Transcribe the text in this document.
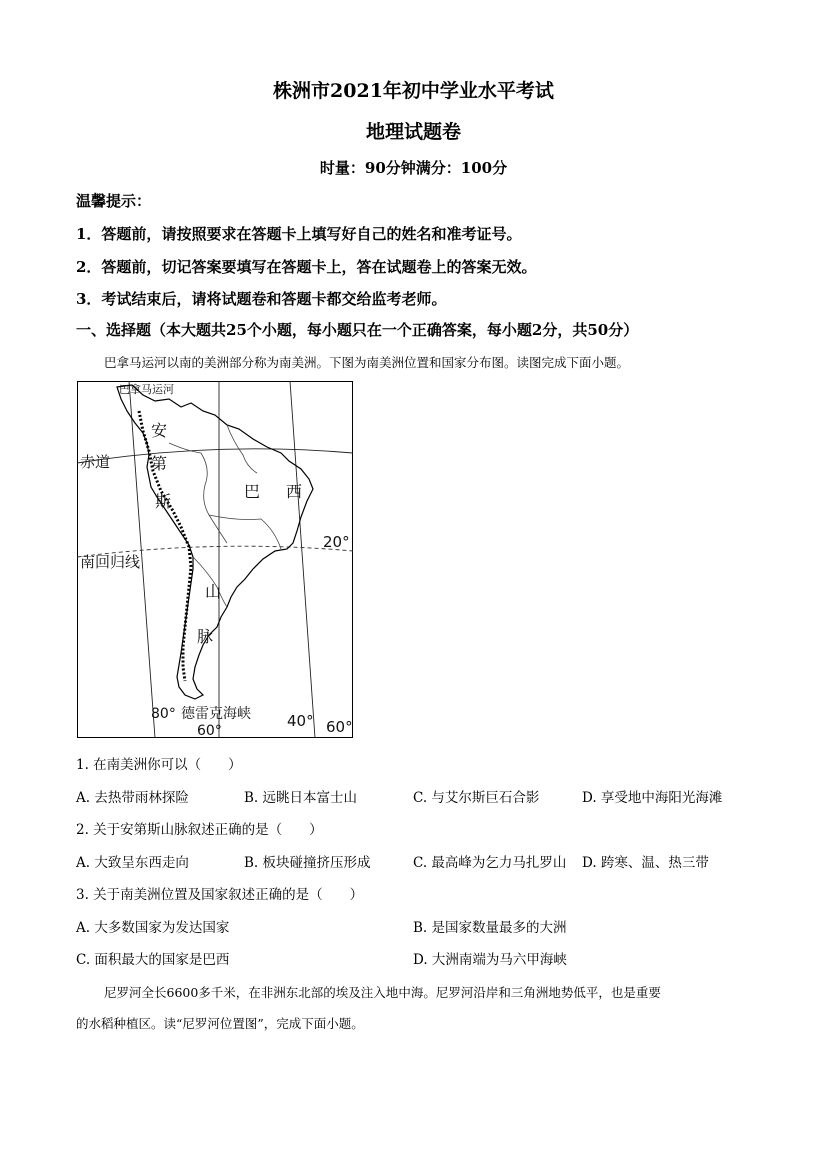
株洲市2021年初中学业水平考试
地理试题卷
时量：90分钟满分：100分
温馨提示：
1．答题前，请按照要求在答题卡上填写好自己的姓名和准考证号。
2．答题前，切记答案要填写在答题卡上，答在试题卷上的答案无效。
3．考试结束后，请将试题卷和答题卡都交给监考老师。
一、选择题（本大题共25个小题，每小题只在一个正确答案，每小题2分，共50分）
巴拿马运河以南的美洲部分称为南美洲。下图为南美洲位置和国家分布图。读图完成下面小题。
巴拿马运河
赤道
南回归线
巴 西
安
第
斯
山
脉
20°
80° 德雷克海峡
60°
40° 60°
1. 在南美洲你可以（　　）
A. 去热带雨林探险	B. 远眺日本富士山	C. 与艾尔斯巨石合影	D. 享受地中海阳光海滩
2. 关于安第斯山脉叙述正确的是（　　）
A. 大致呈东西走向	B. 板块碰撞挤压形成	C. 最高峰为乞力马扎罗山 D. 跨寒、温、热三带
3. 关于南美洲位置及国家叙述正确的是（　　）
A. 大多数国家为发达国家	B. 是国家数量最多的大洲
C. 面积最大的国家是巴西	D. 大洲南端为马六甲海峡
尼罗河全长6600多千米，在非洲东北部的埃及注入地中海。尼罗河沿岸和三角洲地势低平，也是重要
的水稻种植区。读“尼罗河位置图”，完成下面小题。
